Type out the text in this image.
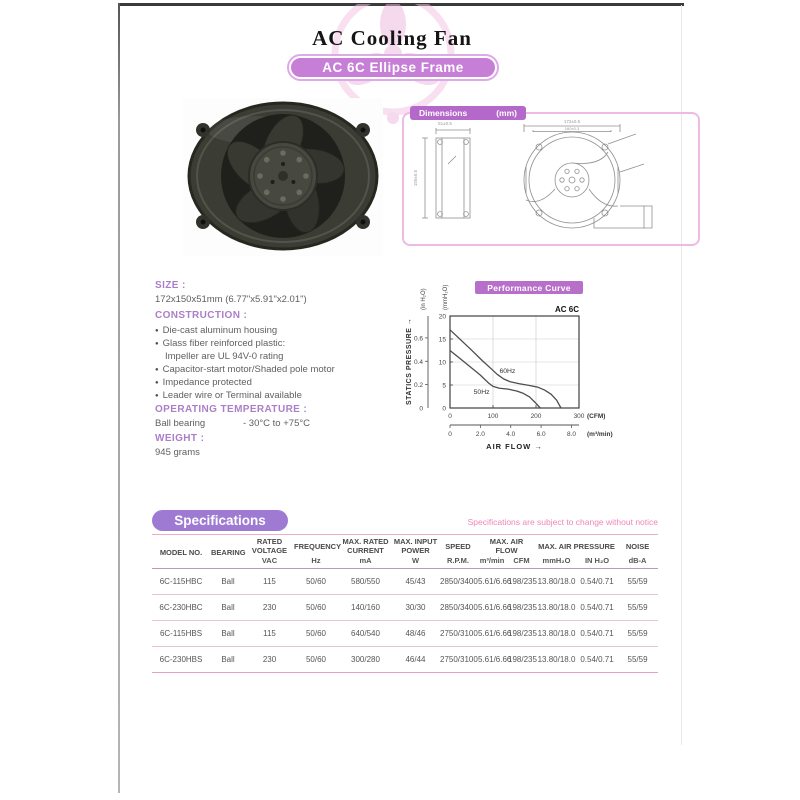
AC Cooling Fan
AC 6C Ellipse Frame
Dimensions	(mm)
51±0.5
150±0.5
172±0.5
160±0.3

SIZE :

172x150x51mm (6.77"x5.91"x2.01")

CONSTRUCTION :

● Die-cast aluminum housing
● Glass fiber reinforced plastic:
Impeller are UL 94V-0 rating
● Capacitor-start motor/Shaded pole motor
● Impedance protected
● Leader wire or Terminal available

OPERATING TEMPERATURE :

Ball bearing	- 30°C to +75°C

WEIGHT :

945 grams

0
5
10
15
20
0.2
0.4
0.6
0
(in H₂O)	(mmH₂O)
STATICS PRESSURE →
0	100	200	300 (CFM)
0	2.0	4.0	6.0	8.0 (m³/min)
AIR FLOW →
AC 6C
60Hz
50Hz
Performance Curve
Specifications	Specifications are subject to change without notice
MODEL NO.	BEARING	RATED VOLTAGE	FREQUENCY	MAX. RATED CURRENT	MAX. INPUT POWER	SPEED	MAX. AIR FLOW		MAX. AIR PRESSURE		NOISE
		VAC	Hz	mA	W	R.P.M.	m³/min	CFM	mmH₂O	IN H₂O	dB-A
6C-115HBC	Ball	115	50/60	580/550	45/43	2850/3400	5.61/6.66	198/235	13.80/18.0	0.54/0.71	55/59
6C-230HBC	Ball	230	50/60	140/160	30/30	2850/3400	5.61/6.66	198/235	13.80/18.0	0.54/0.71	55/59
6C-115HBS	Ball	115	50/60	640/540	48/46	2750/3100	5.61/6.66	198/235	13.80/18.0	0.54/0.71	55/59
6C-230HBS	Ball	230	50/60	300/280	46/44	2750/3100	5.61/6.66	198/235	13.80/18.0	0.54/0.71	55/59
